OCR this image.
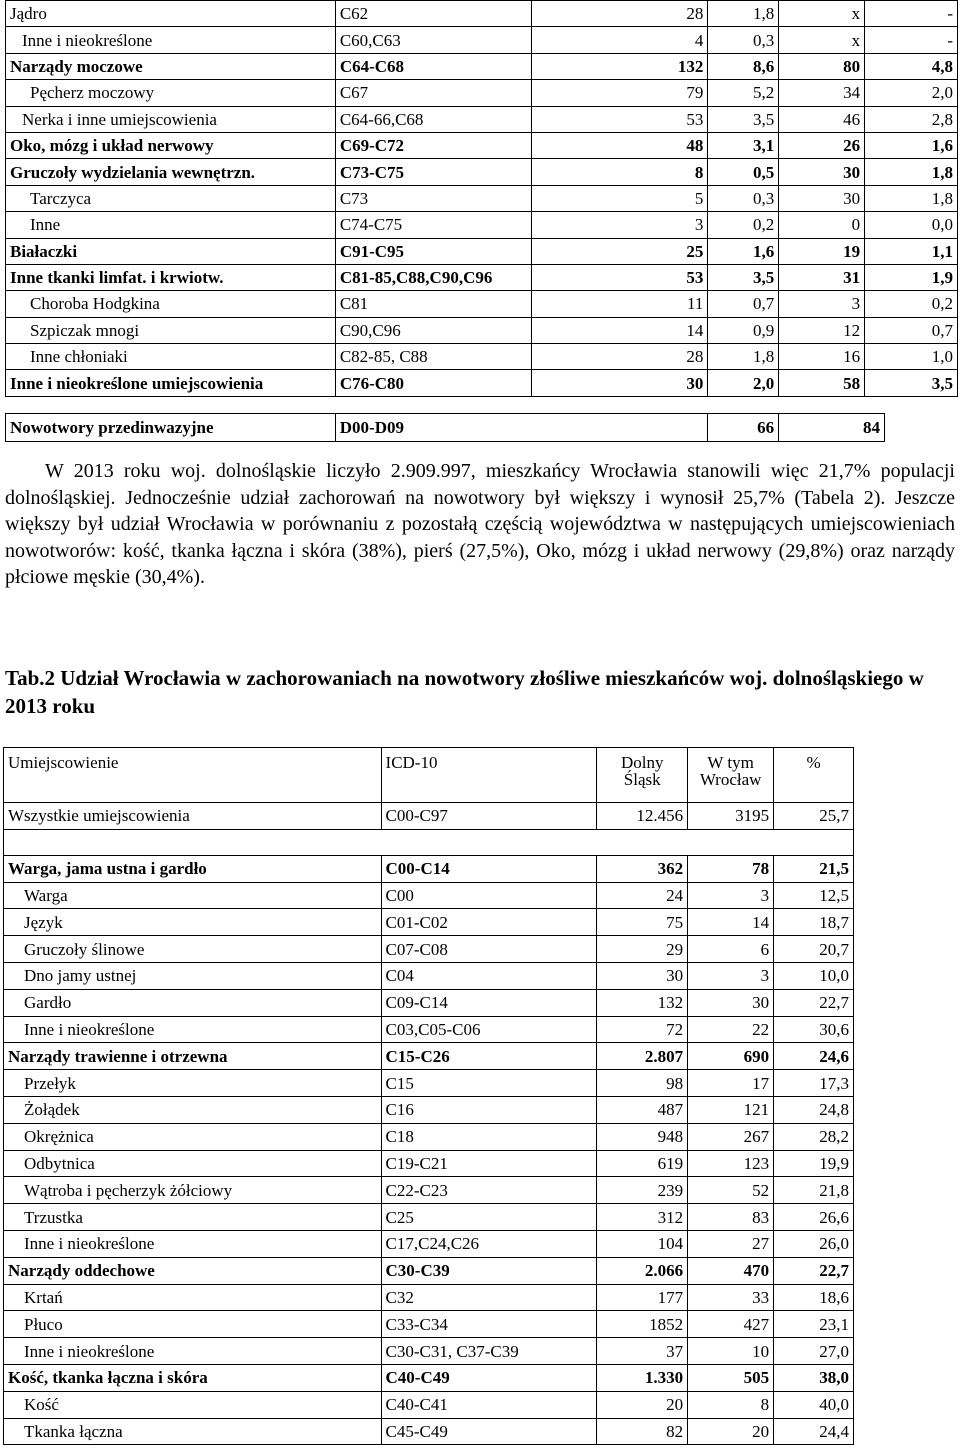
Jądro	C62	28	1,8	x	-
Inne i nieokreślone	C60,C63	4	0,3	x	-
Narządy moczowe	C64-C68	132	8,6	80	4,8
Pęcherz moczowy	C67	79	5,2	34	2,0
Nerka i inne umiejscowienia	C64-66,C68	53	3,5	46	2,8
Oko, mózg i układ nerwowy	C69-C72	48	3,1	26	1,6
Gruczoły wydzielania wewnętrzn.	C73-C75	8	0,5	30	1,8
Tarczyca	C73	5	0,3	30	1,8
Inne	C74-C75	3	0,2	0	0,0
Białaczki	C91-C95	25	1,6	19	1,1
Inne tkanki limfat. i krwiotw.	C81-85,C88,C90,C96	53	3,5	31	1,9
Choroba Hodgkina	C81	11	0,7	3	0,2
Szpiczak mnogi	C90,C96	14	0,9	12	0,7
Inne chłoniaki	C82-85, C88	28	1,8	16	1,0
Inne i nieokreślone umiejscowienia	C76-C80	30	2,0	58	3,5
Nowotwory przedinwazyjne	D00-D09	66	84

W 2013 roku woj. dolnośląskie liczyło 2.909.997, mieszkańcy Wrocławia stanowili więc 21,7% populacji dolnośląskiej. Jednocześnie udział zachorowań na nowotwory był większy i wynosił 25,7% (Tabela 2). Jeszcze większy był udział Wrocławia w porównaniu z pozostałą częścią województwa w następujących umiejscowieniach nowotworów: kość, tkanka łączna i skóra (38%), pierś (27,5%), Oko, mózg i układ nerwowy (29,8%) oraz narządy płciowe męskie (30,4%).

Tab.2 Udział Wrocławia w zachorowaniach na nowotwory złośliwe mieszkańców woj. dolnośląskiego w 2013 roku
Umiejscowienie	ICD-10	Dolny Śląsk	W tym Wrocław	%
Wszystkie umiejscowienia	C00-C97	12.456	3195	25,7

Warga, jama ustna i gardło	C00-C14	362	78	21,5
Warga	C00	24	3	12,5
Język	C01-C02	75	14	18,7
Gruczoły ślinowe	C07-C08	29	6	20,7
Dno jamy ustnej	C04	30	3	10,0
Gardło	C09-C14	132	30	22,7
Inne i nieokreślone	C03,C05-C06	72	22	30,6
Narządy trawienne i otrzewna	C15-C26	2.807	690	24,6
Przełyk	C15	98	17	17,3
Żołądek	C16	487	121	24,8
Okrężnica	C18	948	267	28,2
Odbytnica	C19-C21	619	123	19,9
Wątroba i pęcherzyk żółciowy	C22-C23	239	52	21,8
Trzustka	C25	312	83	26,6
Inne i nieokreślone	C17,C24,C26	104	27	26,0
Narządy oddechowe	C30-C39	2.066	470	22,7
Krtań	C32	177	33	18,6
Płuco	C33-C34	1852	427	23,1
Inne i nieokreślone	C30-C31, C37-C39	37	10	27,0
Kość, tkanka łączna i skóra	C40-C49	1.330	505	38,0
Kość	C40-C41	20	8	40,0
Tkanka łączna	C45-C49	82	20	24,4
